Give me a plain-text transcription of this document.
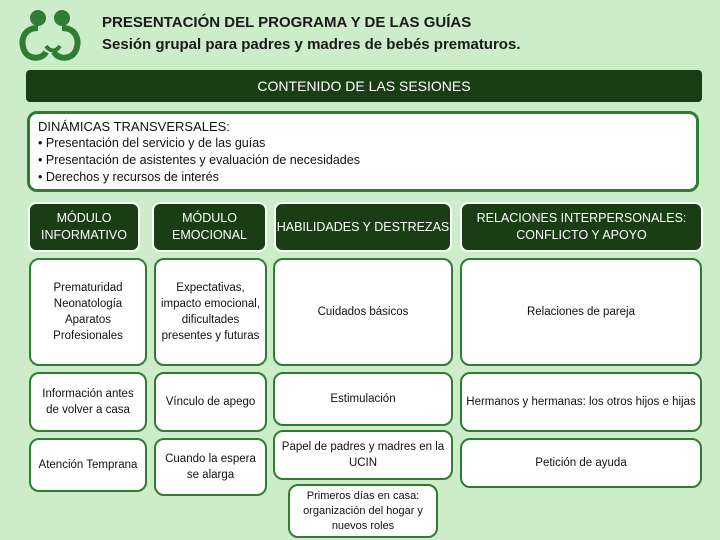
PRESENTACIÓN DEL PROGRAMA Y DE LAS GUÍAS
Sesión grupal para padres y madres de bebés prematuros.
CONTENIDO DE LAS SESIONES
DINÁMICAS TRANSVERSALES:
• Presentación del servicio y de las guías
• Presentación de asistentes y evaluación de necesidades
• Derechos y recursos de interés
MÓDULO INFORMATIVO
MÓDULO EMOCIONAL
HABILIDADES Y DESTREZAS
RELACIONES INTERPERSONALES: CONFLICTO Y APOYO
Prematuridad Neonatología Aparatos Profesionales
Información antes de volver a casa
Atención Temprana
Expectativas, impacto emocional, dificultades presentes y futuras
Vínculo de apego
Cuando la espera se alarga
Cuidados básicos
Estimulación
Papel de padres y madres en la UCIN
Primeros días en casa: organización del hogar y nuevos roles
Relaciones de pareja
Hermanos y hermanas: los otros hijos e hijas
Petición de ayuda
